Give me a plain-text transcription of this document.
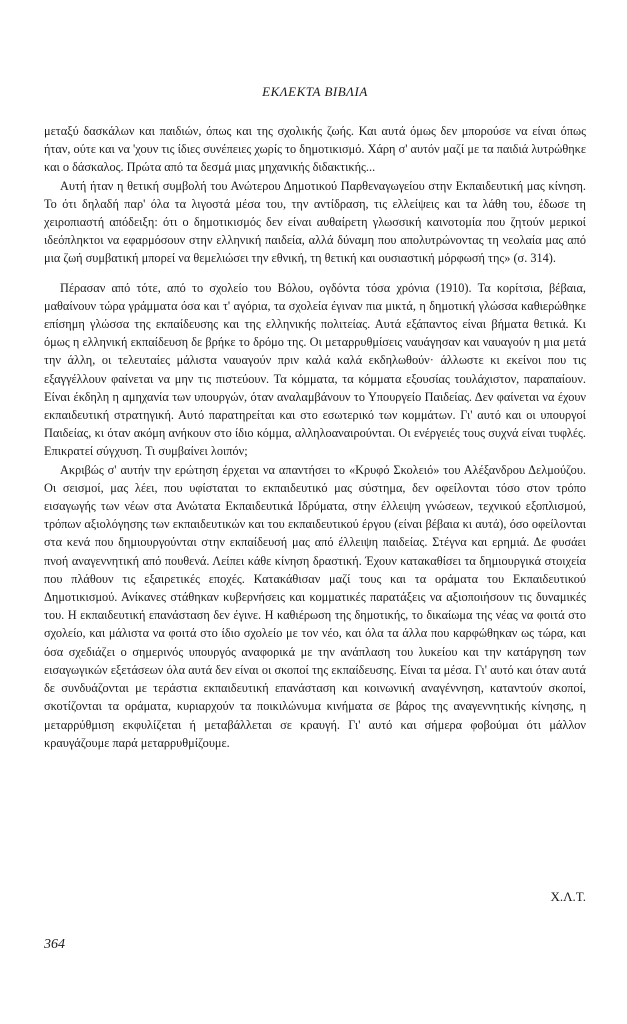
ΕΚΛΕΚΤΑ ΒΙΒΛΙΑ

μεταξύ δασκάλων και παιδιών, όπως και της σχολικής ζωής. Και αυτά όμως δεν μπορούσε να είναι όπως ήταν, ούτε και να 'χουν τις ίδιες συνέπειες χωρίς το δημοτικισμό. Χάρη σ' αυτόν μαζί με τα παιδιά λυτρώθηκε και ο δάσκαλος. Πρώτα από τα δεσμά μιας μηχανικής διδακτικής...

Αυτή ήταν η θετική συμβολή του Ανώτερου Δημοτικού Παρθεναγωγείου στην Εκπαιδευτική μας κίνηση. Το ότι δηλαδή παρ' όλα τα λιγοστά μέσα του, την αντίδραση, τις ελλείψεις και τα λάθη του, έδωσε τη χειροπιαστή απόδειξη: ότι ο δημοτικισμός δεν είναι αυθαίρετη γλωσσική καινοτομία που ζητούν μερικοί ιδεόπληκτοι να εφαρμόσουν στην ελληνική παιδεία, αλλά δύναμη που απολυτρώνοντας τη νεολαία μας από μια ζωή συμβατική μπορεί να θεμελιώσει την εθνική, τη θετική και ουσιαστική μόρφωσή της» (σ. 314).

Πέρασαν από τότε, από το σχολείο του Βόλου, ογδόντα τόσα χρόνια (1910). Τα κορίτσια, βέβαια, μαθαίνουν τώρα γράμματα όσα και τ' αγόρια, τα σχολεία έγιναν πια μικτά, η δημοτική γλώσσα καθιερώθηκε επίσημη γλώσσα της εκπαίδευσης και της ελληνικής πολιτείας. Αυτά εξάπαντος είναι βήματα θετικά. Κι όμως η ελληνική εκπαίδευση δε βρήκε το δρόμο της. Οι μεταρρυθμίσεις ναυάγησαν και ναυαγούν η μια μετά την άλλη, οι τελευταίες μάλιστα ναυαγούν πριν καλά καλά εκδηλωθούν· άλλωστε κι εκείνοι που τις εξαγγέλλουν φαίνεται να μην τις πιστεύουν. Τα κόμματα, τα κόμματα εξουσίας τουλάχιστον, παραπαίουν. Είναι έκδηλη η αμηχανία των υπουργών, όταν αναλαμβάνουν το Υπουργείο Παιδείας. Δεν φαίνεται να έχουν εκπαιδευτική στρατηγική. Αυτό παρατηρείται και στο εσωτερικό των κομμάτων. Γι' αυτό και οι υπουργοί Παιδείας, κι όταν ακόμη ανήκουν στο ίδιο κόμμα, αλληλοαναιρούνται. Οι ενέργειές τους συχνά είναι τυφλές. Επικρατεί σύγχυση. Τι συμβαίνει λοιπόν;

Ακριβώς σ' αυτήν την ερώτηση έρχεται να απαντήσει το «Κρυφό Σκολειό» του Αλέξανδρου Δελμούζου. Οι σεισμοί, μας λέει, που υφίσταται το εκπαιδευτικό μας σύστημα, δεν οφείλονται τόσο στον τρόπο εισαγωγής των νέων στα Ανώτατα Εκπαιδευτικά Ιδρύματα, στην έλλειψη γνώσεων, τεχνικού εξοπλισμού, τρόπων αξιολόγησης των εκπαιδευτικών και του εκπαιδευτικού έργου (είναι βέβαια κι αυτά), όσο οφείλονται στα κενά που δημιουργούνται στην εκπαίδευσή μας από έλλειψη παιδείας. Στέγνα και ερημιά. Δε φυσάει πνοή αναγεννητική από πουθενά. Λείπει κάθε κίνηση δραστική. Έχουν κατακαθίσει τα δημιουργικά στοιχεία που πλάθουν τις εξαιρετικές εποχές. Κατακάθισαν μαζί τους και τα οράματα του Εκπαιδευτικού Δημοτικισμού. Ανίκανες στάθηκαν κυβερνήσεις και κομματικές παρατάξεις να αξιοποιήσουν τις δυναμικές του. Η εκπαιδευτική επανάσταση δεν έγινε. Η καθιέρωση της δημοτικής, το δικαίωμα της νέας να φοιτά στο σχολείο, και μάλιστα να φοιτά στο ίδιο σχολείο με τον νέο, και όλα τα άλλα που καρφώθηκαν ως τώρα, και όσα σχεδιάζει ο σημερινός υπουργός αναφορικά με την ανάπλαση του λυκείου και την κατάργηση των εισαγωγικών εξετάσεων όλα αυτά δεν είναι οι σκοποί της εκπαίδευσης. Είναι τα μέσα. Γι' αυτό και όταν αυτά δε συνδυάζονται με τεράστια εκπαιδευτική επανάσταση και κοινωνική αναγέννηση, καταντούν σκοποί, σκοτίζονται τα οράματα, κυριαρχούν τα ποικιλώνυμα κινήματα σε βάρος της αναγεννητικής κίνησης, η μεταρρύθμιση εκφυλίζεται ή μεταβάλλεται σε κραυγή. Γι' αυτό και σήμερα φοβούμαι ότι μάλλον κραυγάζουμε παρά μεταρρυθμίζουμε.

Χ.Λ.Τ.
364
